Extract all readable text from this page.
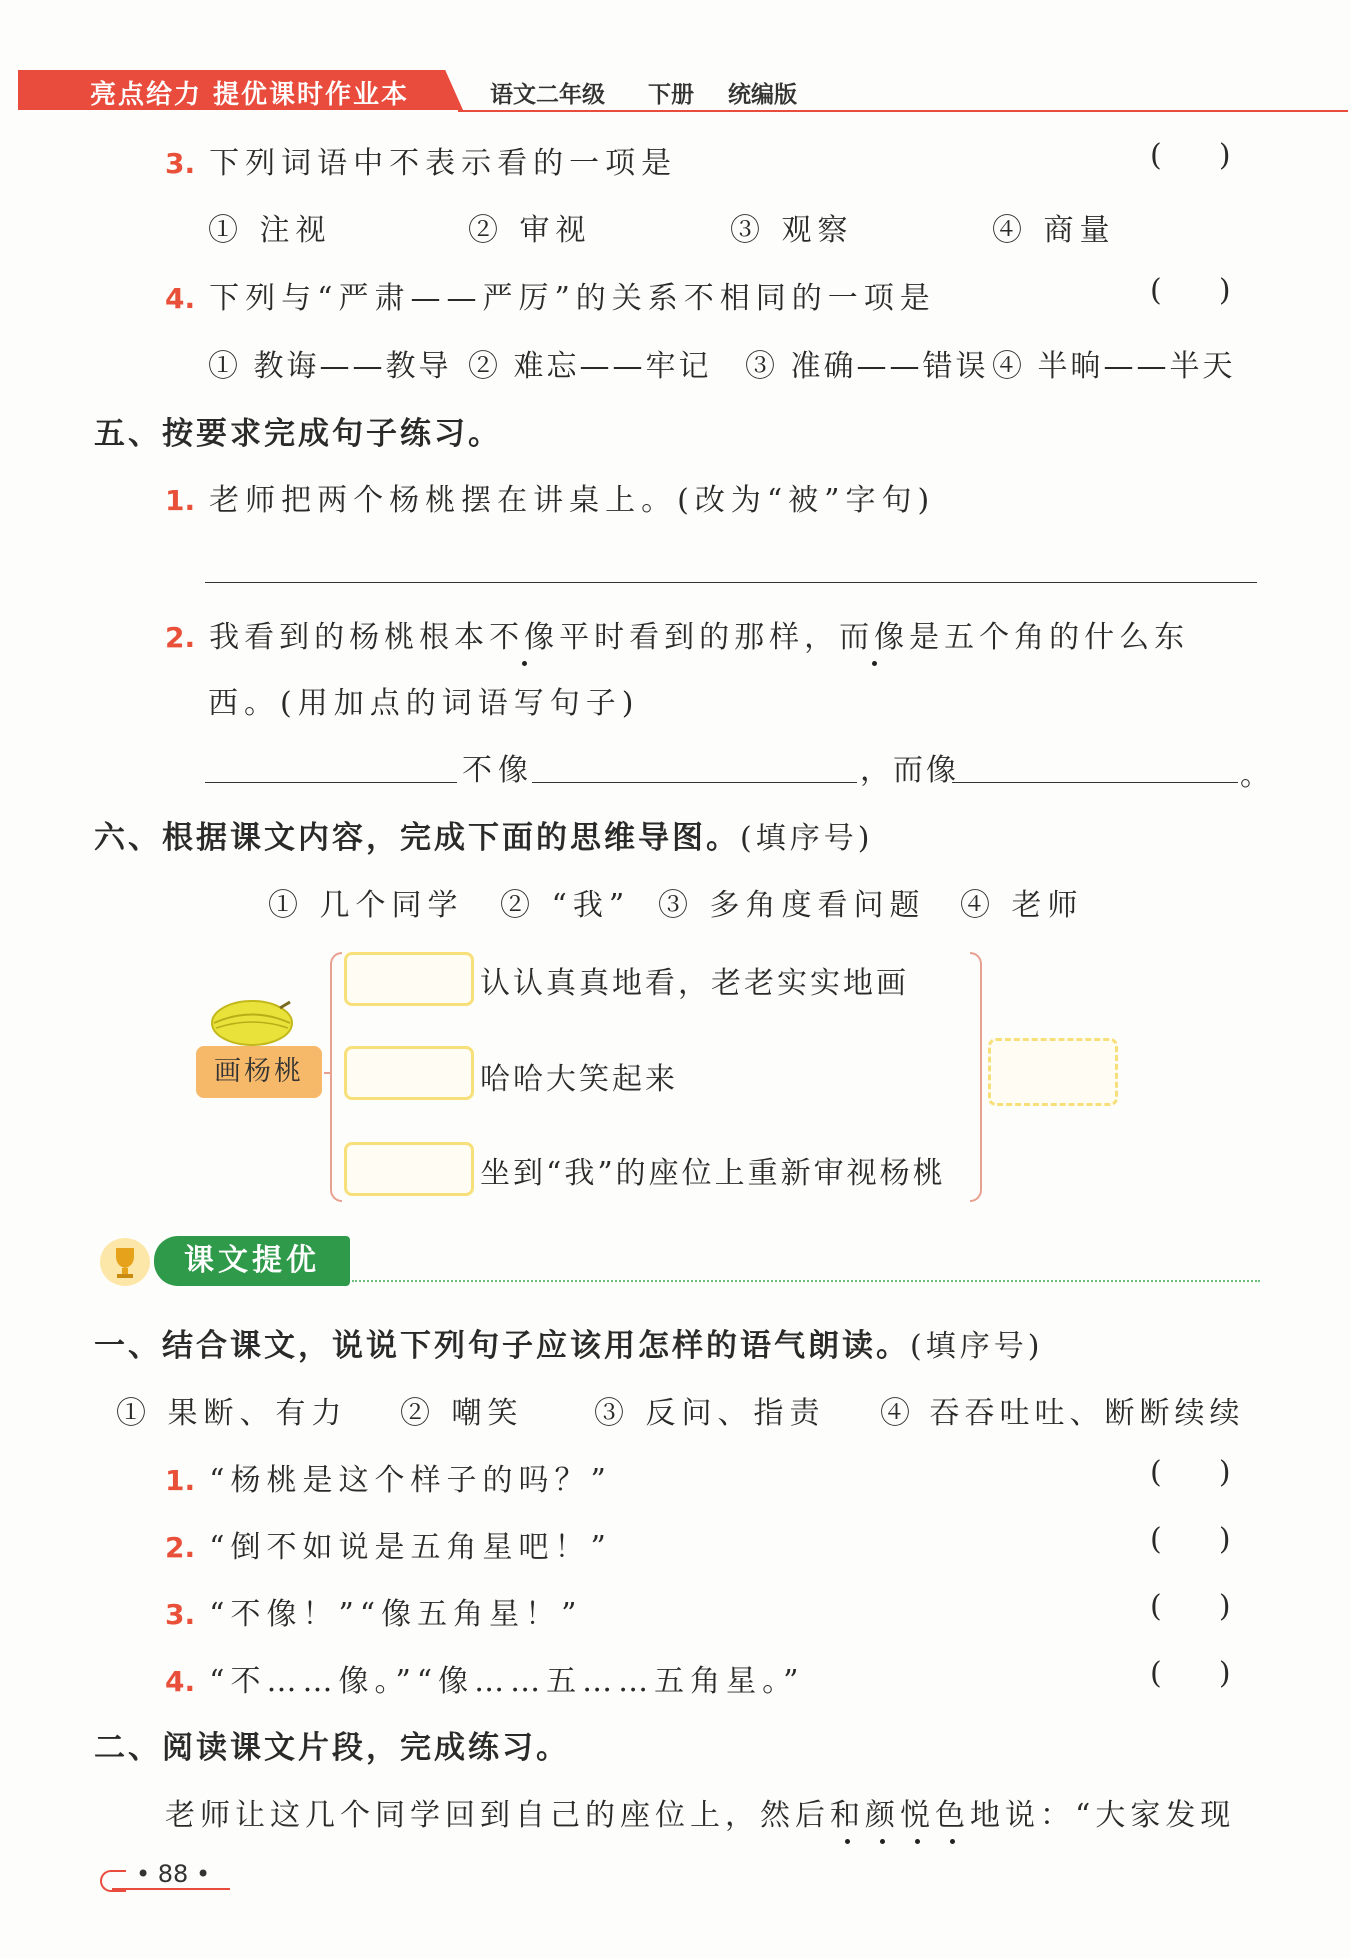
亮点给力 提优课时作业本	语文二年级 下册 统编版
3. 下列词语中不表示看的一项是	(      )
① 注视	② 审视	③ 观察	④ 商量
4. 下列与“严肃——严厉”的关系不相同的一项是	(      )
① 教诲——教导 ② 难忘——牢记 ③ 准确——错误 ④ 半晌——半天
五、按要求完成句子练习。
1. 老师把两个杨桃摆在讲桌上。(改为“被”字句)
2. 我看到的杨桃根本不像平时看到的那样，而像是五个角的什么东
西。(用加点的词语写句子)
不像	，而像	。
六、根据课文内容，完成下面的思维导图。(填序号)
① 几个同学 ② “我” ③ 多角度看问题 ④ 老师
画杨桃
认认真真地看，老老实实地画
哈哈大笑起来
坐到“我”的座位上重新审视杨桃
课文提优
一、结合课文，说说下列句子应该用怎样的语气朗读。(填序号)
① 果断、有力 ② 嘲笑 ③ 反问、指责 ④ 吞吞吐吐、断断续续
1. “杨桃是这个样子的吗？”	(      )
2. “倒不如说是五角星吧！”	(      )
3. “不像！”“像五角星！”	(      )
4. “不……像。”“像……五……五角星。”	(      )
二、阅读课文片段，完成练习。
老师让这几个同学回到自己的座位上，然后和颜悦色地说：“大家发现
• 88 •
